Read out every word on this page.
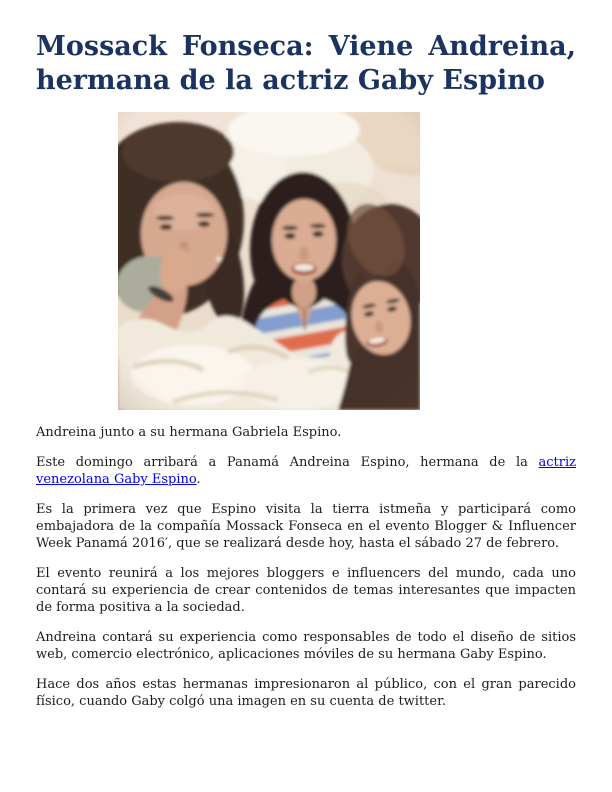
Mossack Fonseca: Viene Andreina, hermana de la actriz Gaby Espino

Andreina junto a su hermana Gabriela Espino.

Este domingo arribará a Panamá Andreina Espino, hermana de la actriz venezolana Gaby Espino.

Es la primera vez que Espino visita la tierra istmeña y participará como embajadora de la compañía Mossack Fonseca en el evento Blogger & Influencer Week Panamá 2016′, que se realizará desde hoy, hasta el sábado 27 de febrero.

El evento reunirá a los mejores bloggers e influencers del mundo, cada uno contará su experiencia de crear contenidos de temas interesantes que impacten de forma positiva a la sociedad.

Andreina contará su experiencia como responsables de todo el diseño de sitios web, comercio electrónico, aplicaciones móviles de su hermana Gaby Espino.

Hace dos años estas hermanas impresionaron al público, con el gran parecido físico, cuando Gaby colgó una imagen en su cuenta de twitter.
